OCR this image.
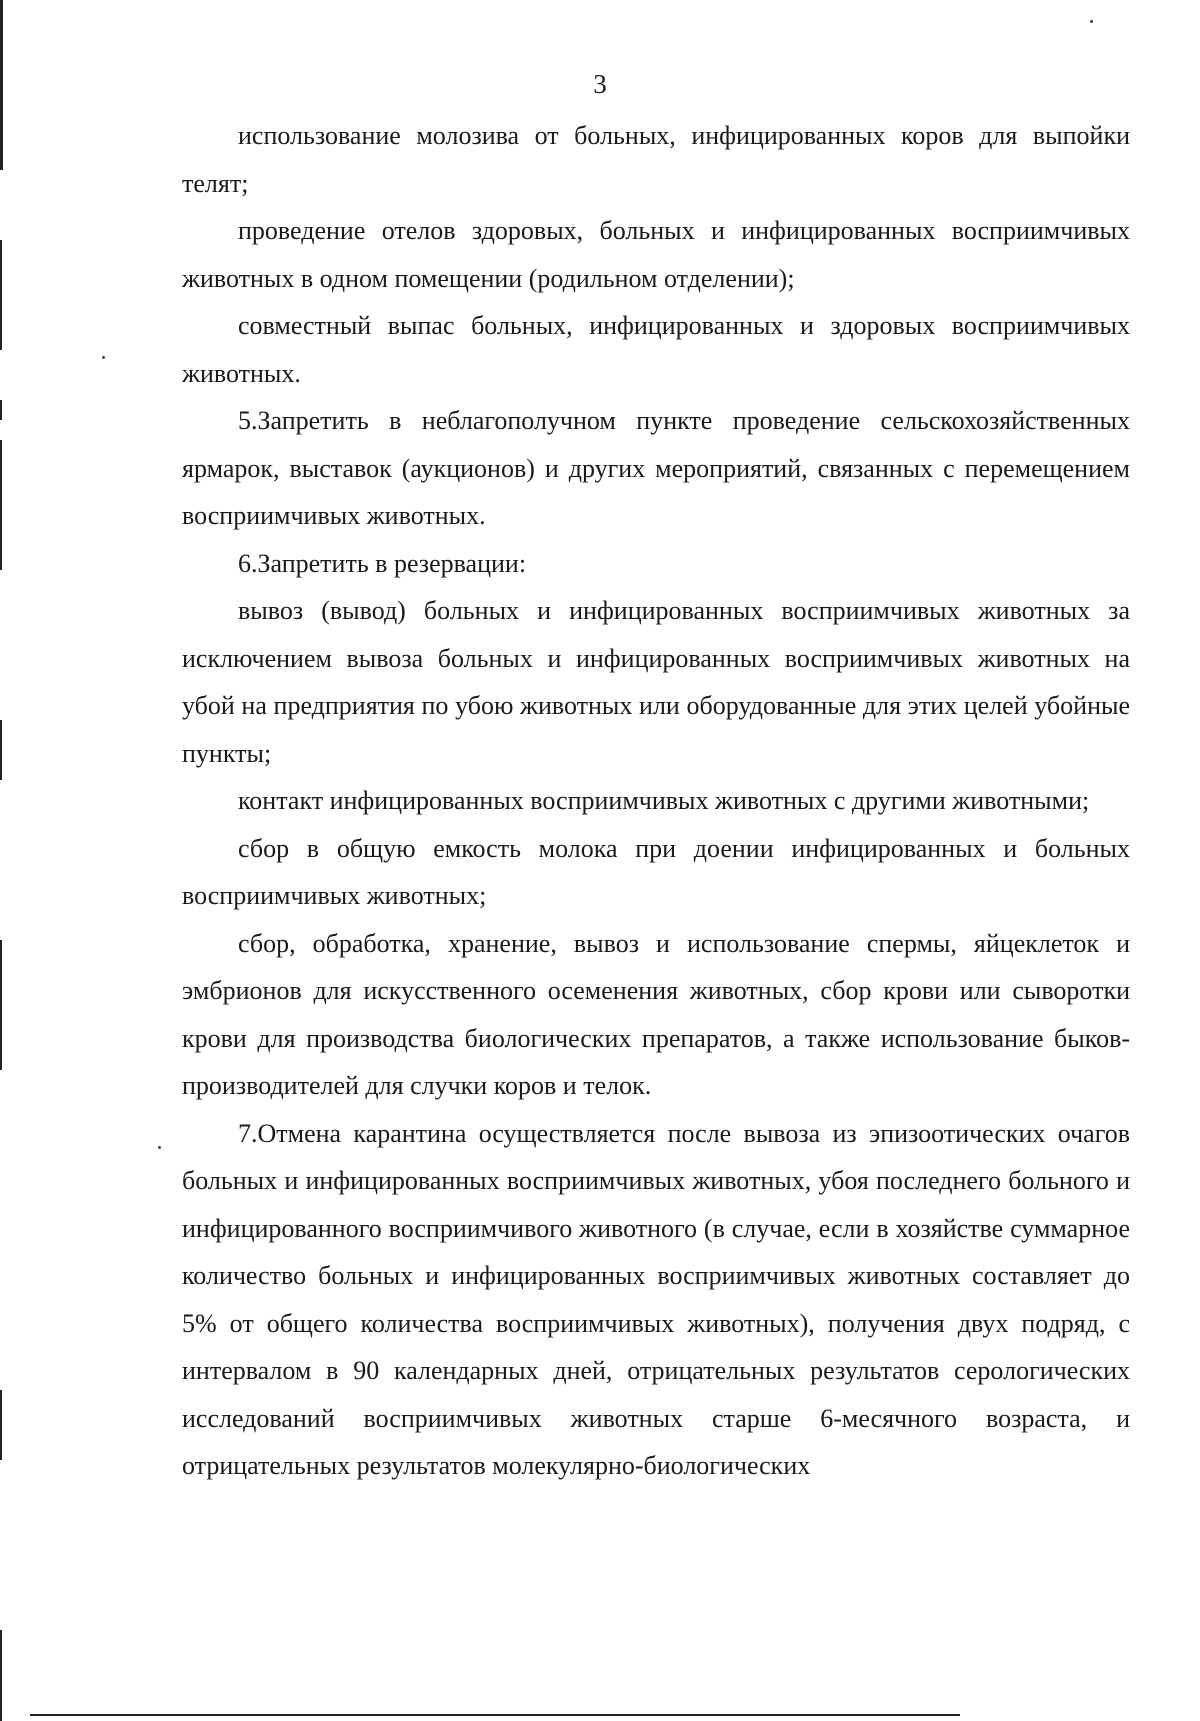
3

использование молозива от больных, инфицированных коров для выпойки телят;

проведение отелов здоровых, больных и инфицированных восприимчивых животных в одном помещении (родильном отделении);

совместный выпас больных, инфицированных и здоровых восприимчивых животных.

5.Запретить в неблагополучном пункте проведение сельскохозяйственных ярмарок, выставок (аукционов) и других мероприятий, связанных с перемещением восприимчивых животных.

6.Запретить в резервации:

вывоз (вывод) больных и инфицированных восприимчивых животных за исключением вывоза больных и инфицированных восприимчивых животных на убой на предприятия по убою животных или оборудованные для этих целей убойные пункты;

контакт инфицированных восприимчивых животных с другими животными;

сбор в общую емкость молока при доении инфицированных и больных восприимчивых животных;

сбор, обработка, хранение, вывоз и использование спермы, яйцеклеток и эмбрионов для искусственного осеменения животных, сбор крови или сыворотки крови для производства биологических препаратов, а также использование быков-производителей для случки коров и телок.

7.Отмена карантина осуществляется после вывоза из эпизоотических очагов больных и инфицированных восприимчивых животных, убоя последнего больного и инфицированного восприимчивого животного (в случае, если в хозяйстве суммарное количество больных и инфицированных восприимчивых животных составляет до 5% от общего количества восприимчивых животных), получения двух подряд, с интервалом в 90 календарных дней, отрицательных результатов серологических исследований восприимчивых животных старше 6-месячного возраста, и отрицательных результатов молекулярно-биологических
